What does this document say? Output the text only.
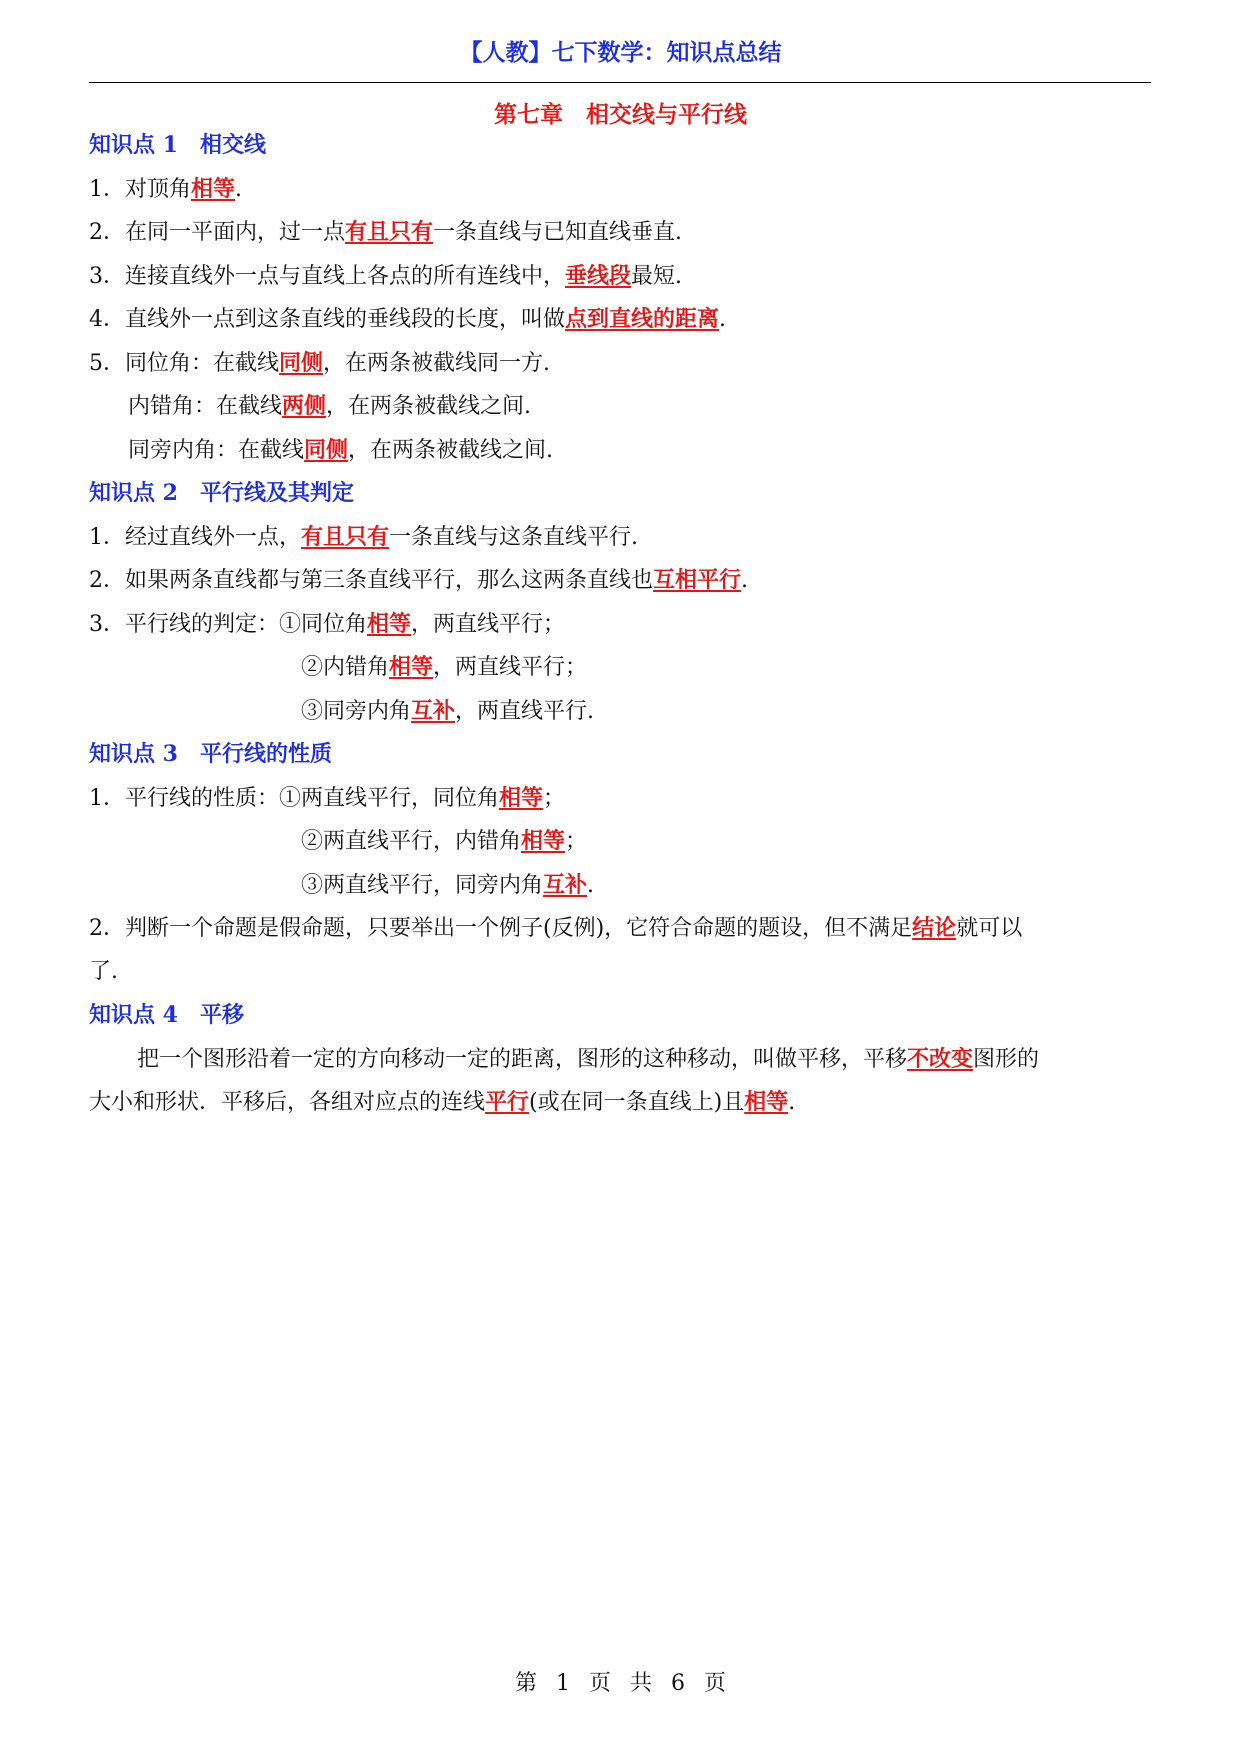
【人教】七下数学：知识点总结
第七章　相交线与平行线
知识点 1　相交线
1．对顶角相等.
2．在同一平面内，过一点有且只有一条直线与已知直线垂直.
3．连接直线外一点与直线上各点的所有连线中，垂线段最短.
4．直线外一点到这条直线的垂线段的长度，叫做点到直线的距离.
5．同位角：在截线同侧，在两条被截线同一方.
内错角：在截线两侧，在两条被截线之间.
同旁内角：在截线同侧，在两条被截线之间.
知识点 2　平行线及其判定
1．经过直线外一点，有且只有一条直线与这条直线平行.
2．如果两条直线都与第三条直线平行，那么这两条直线也互相平行.
3．平行线的判定：①同位角相等，两直线平行；
②内错角相等，两直线平行；
③同旁内角互补，两直线平行.
知识点 3　平行线的性质
1．平行线的性质：①两直线平行，同位角相等；
②两直线平行，内错角相等；
③两直线平行，同旁内角互补.
2．判断一个命题是假命题，只要举出一个例子(反例)，它符合命题的题设，但不满足结论就可以
了.
知识点 4　平移
把一个图形沿着一定的方向移动一定的距离，图形的这种移动，叫做平移，平移不改变图形的
大小和形状．平移后，各组对应点的连线平行(或在同一条直线上)且相等.
第 1 页 共 6 页
